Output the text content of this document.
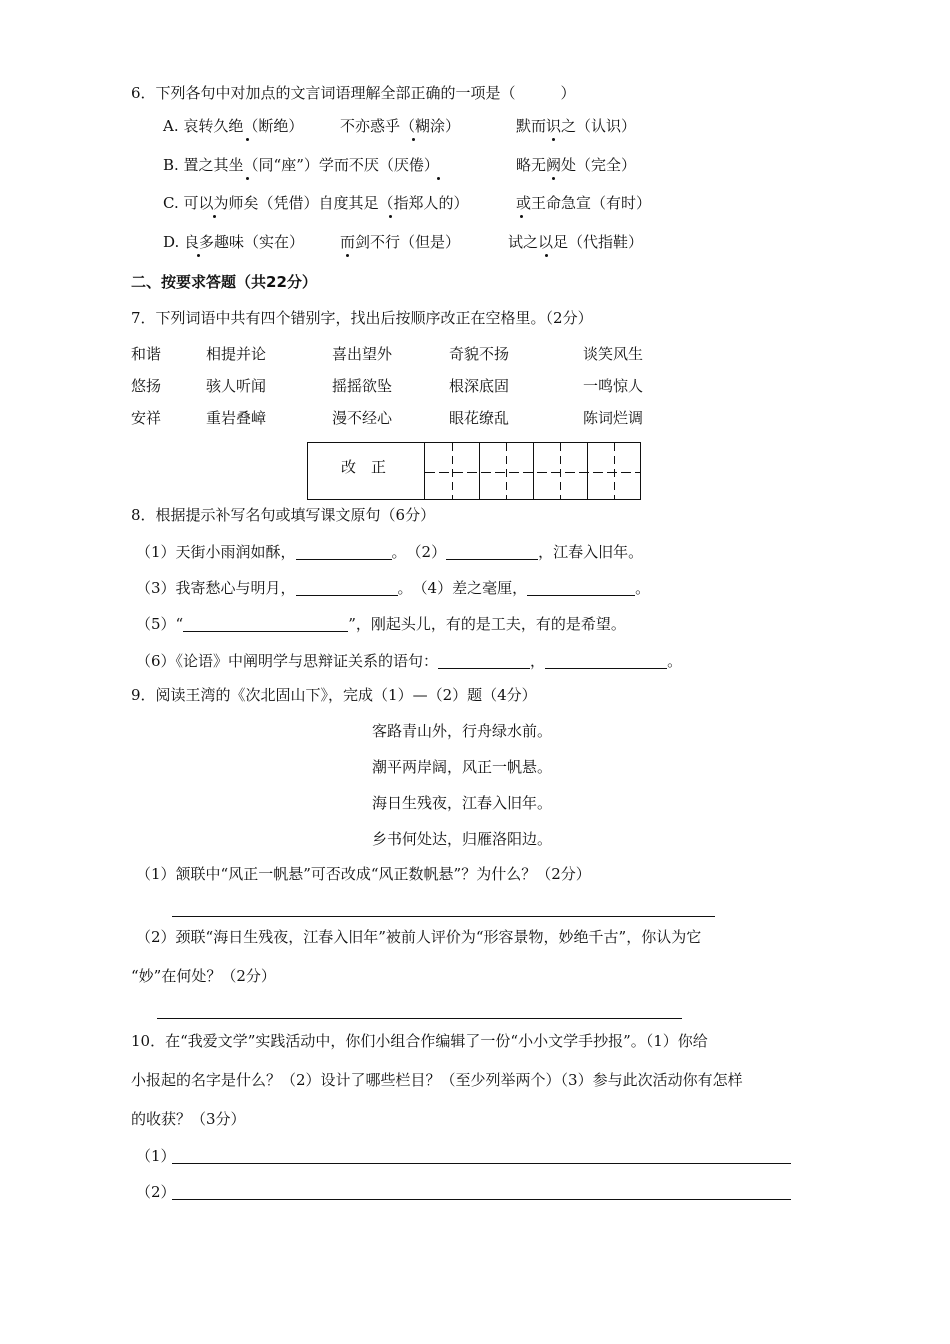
6．下列各句中对加点的文言词语理解全部正确的一项是（　　　）
A. 哀转久绝（断绝） 不亦惑乎（糊涂）	默而识之（认识）
B. 置之其坐（同“座”）学而不厌（厌倦）	略无阙处（完全）
C. 可以为师矣（凭借）自度其足（指郑人的）	或王命急宣（有时）
D. 良多趣味（实在） 而剑不行（但是）	试之以足（代指鞋）
二、按要求答题（共22分）
7．下列词语中共有四个错别字，找出后按顺序改正在空格里。（2分）
和谐	相提并论	喜出望外	奇貌不扬	谈笑风生
悠扬	骇人听闻	摇摇欲坠	根深底固	一鸣惊人
安祥	重岩叠嶂	漫不经心	眼花缭乱	陈词烂调
改　正
8．根据提示补写名句或填写课文原句（6分）
（1）天街小雨润如酥，	。　（2）	，江春入旧年。
（3）我寄愁心与明月，	。　（4）差之毫厘，	。
（5）“	”，刚起头儿，有的是工夫，有的是希望。
（6）《论语》中阐明学与思辩证关系的语句：	，	。
9．阅读王湾的《次北固山下》，完成（1）—（2）题（4分）
客路青山外，行舟绿水前。
潮平两岸阔，风正一帆悬。
海日生残夜，江春入旧年。
乡书何处达，归雁洛阳边。
（1）颔联中“风正一帆悬”可否改成“风正数帆悬”？为什么？（2分）
（2）颈联“海日生残夜，江春入旧年”被前人评价为“形容景物，妙绝千古”，你认为它
“妙”在何处？（2分）
10．在“我爱文学”实践活动中，你们小组合作编辑了一份“小小文学手抄报”。（1）你给
小报起的名字是什么？（2）设计了哪些栏目？（至少列举两个）（3）参与此次活动你有怎样
的收获？（3分）
（1）
（2）
